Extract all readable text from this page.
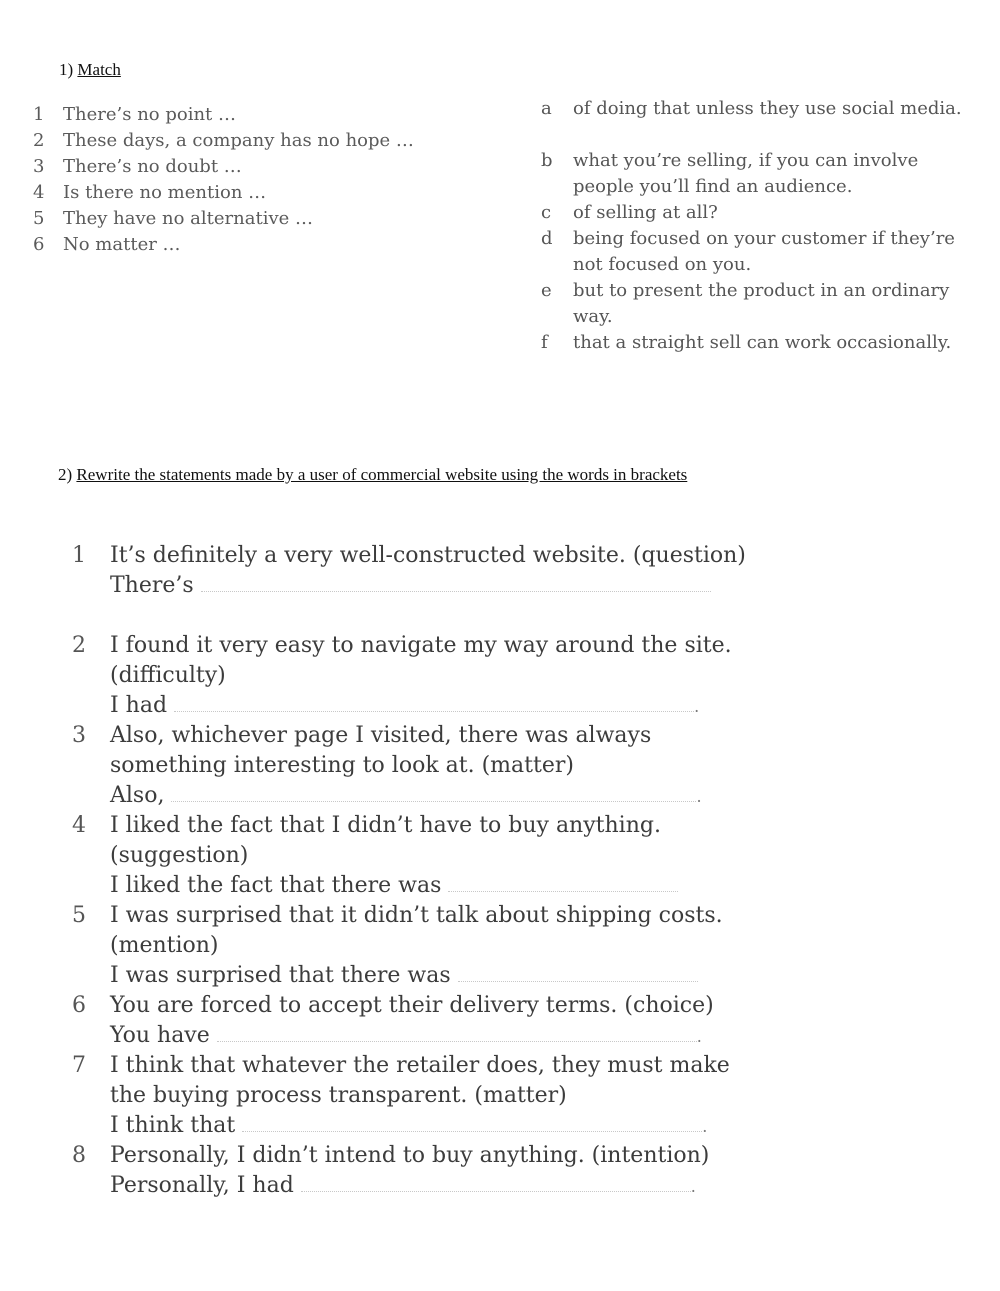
1) Match
1 There’s no point …
2 These days, a company has no hope …
3 There’s no doubt …
4 Is there no mention …
5 They have no alternative …
6 No matter …
a	of doing that unless they use social media.
b	what you’re selling, if you can involve people you’ll find an audience.
c	of selling at all?
d	being focused on your customer if they’re not focused on you.
e	but to present the product in an ordinary way.
f	that a straight sell can work occasionally.
2) Rewrite the statements made by a user of commercial website using the words in brackets
1	It’s definitely a very well-constructed website. (question)
There’s
2	I found it very easy to navigate my way around the site. (difficulty)
I had	.
3	Also, whichever page I visited, there was always something interesting to look at. (matter)
Also,	.
4	I liked the fact that I didn’t have to buy anything. (suggestion)
I liked the fact that there was
5	I was surprised that it didn’t talk about shipping costs. (mention)
I was surprised that there was
6	You are forced to accept their delivery terms. (choice)
You have	.
7	I think that whatever the retailer does, they must make the buying process transparent. (matter)
I think that	.
8	Personally, I didn’t intend to buy anything. (intention)
Personally, I had	.
